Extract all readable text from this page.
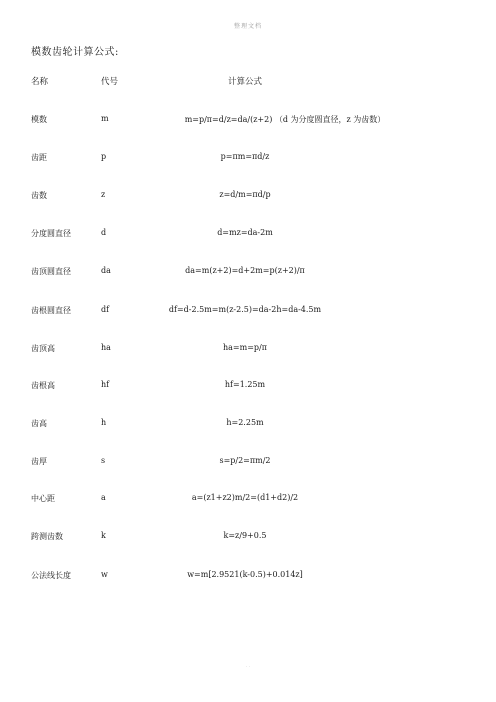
整理文档
模数齿轮计算公式:
名称	代号	计算公式
模数	m	m=p/π=d/z=da/(z+2) （d 为分度圆直径，z 为齿数）
齿距	p	p=πm=πd/z
齿数	z	z=d/m=πd/p
分度圆直径	d	d=mz=da-2m
齿顶圆直径	da	da=m(z+2)=d+2m=p(z+2)/π
齿根圆直径	df	df=d-2.5m=m(z-2.5)=da-2h=da-4.5m
齿顶高	ha	ha=m=p/π
齿根高	hf	hf=1.25m
齿高	h	h=2.25m
齿厚	s	s=p/2=πm/2
中心距	a	a=(z1+z2)m/2=(d1+d2)/2
跨测齿数	k	k=z/9+0.5
公法线长度	w	w=m[2.9521(k-0.5)+0.014z]
. .
